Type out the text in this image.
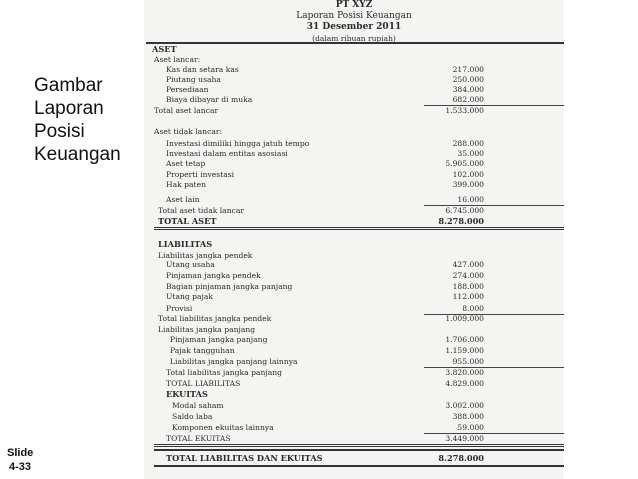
Gambar
Laporan
Posisi
Keuangan
Slide
4-33
PT XYZ
Laporan Posisi Keuangan
31 Desember 2011
(dalam ribuan rupiah)
ASET
Aset lancar:
Kas dan setara kas	217.000
Piutang usaha	250.000
Persediaan	384.000
Biaya dibayar di muka	682.000
Total aset lancar	1.533.000
Aset tidak lancar:
Investasi dimiliki hingga jatuh tempo	288.000
Investasi dalam entitas asosiasi	35.000
Aset tetap	5.905.000
Properti investasi	102.000
Hak paten	399.000
Aset lain	16.000
Total aset tidak lancar	6.745.000
TOTAL ASET	8.278.000
LIABILITAS
Liabilitas jangka pendek
Utang usaha	427.000
Pinjaman jangka pendek	274.000
Bagian pinjaman jangka panjang	188.000
Utang pajak	112.000
Provisi	8.000
Total liabilitas jangka pendek	1.009.000
Liabilitas jangka panjang
Pinjaman jangka panjang	1.706.000
Pajak tangguhan	1.159.000
Liabilitas jangka panjang lainnya	955.000
Total liabilitas jangka panjang	3.820.000
TOTAL LIABILITAS	4.829.000
EKUITAS
Modal saham	3.002.000
Saldo laba	388.000
Komponen ekuitas lainnya	59.000
TOTAL EKUITAS	3.449.000
TOTAL LIABILITAS DAN EKUITAS	8.278.000
